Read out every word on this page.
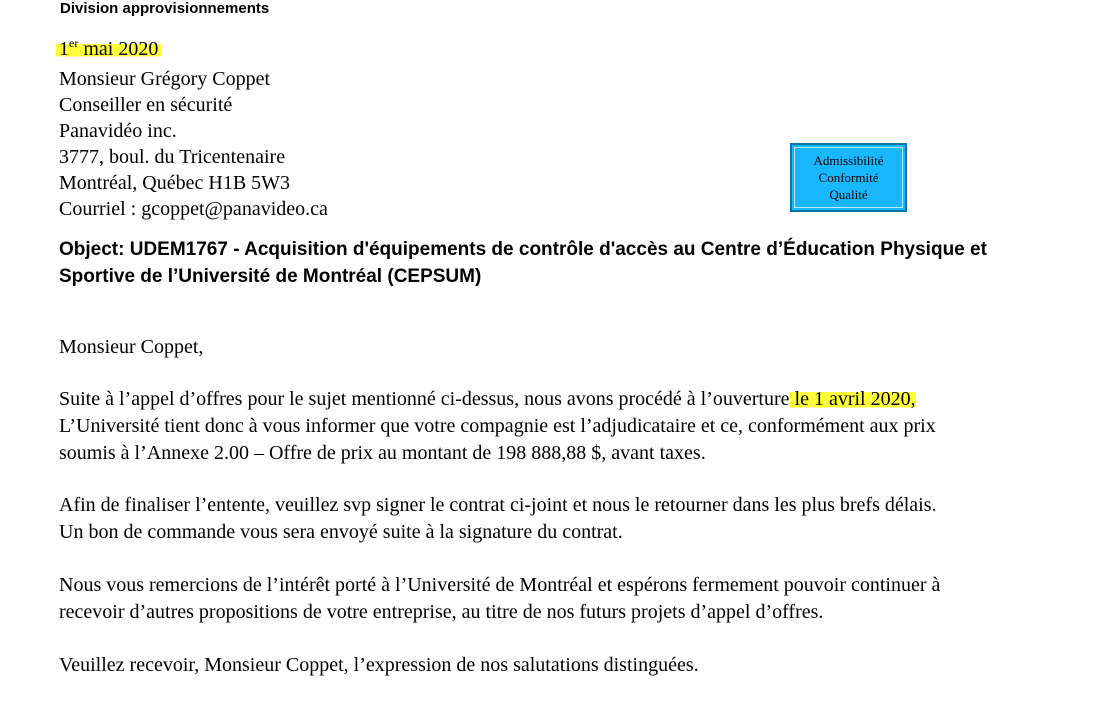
Division approvisionnements
1er mai 2020
Monsieur Grégory Coppet
Conseiller en sécurité
Panavidéo inc.
3777, boul. du Tricentenaire
Montréal, Québec H1B 5W3
Courriel : gcoppet@panavideo.ca
Admissibilité
Conformité
Qualité
Object: UDEM1767 - Acquisition d'équipements de contrôle d'accès au Centre d’Éducation Physique et
Sportive de l’Université de Montréal (CEPSUM)
Monsieur Coppet,
Suite à l’appel d’offres pour le sujet mentionné ci-dessus, nous avons procédé à l’ouverture le 1 avril 2020,
L’Université tient donc à vous informer que votre compagnie est l’adjudicataire et ce, conformément aux prix
soumis à l’Annexe 2.00 – Offre de prix au montant de 198 888,88 $, avant taxes.
Afin de finaliser l’entente, veuillez svp signer le contrat ci-joint et nous le retourner dans les plus brefs délais.
Un bon de commande vous sera envoyé suite à la signature du contrat.
Nous vous remercions de l’intérêt porté à l’Université de Montréal et espérons fermement pouvoir continuer à
recevoir d’autres propositions de votre entreprise, au titre de nos futurs projets d’appel d’offres.
Veuillez recevoir, Monsieur Coppet, l’expression de nos salutations distinguées.
